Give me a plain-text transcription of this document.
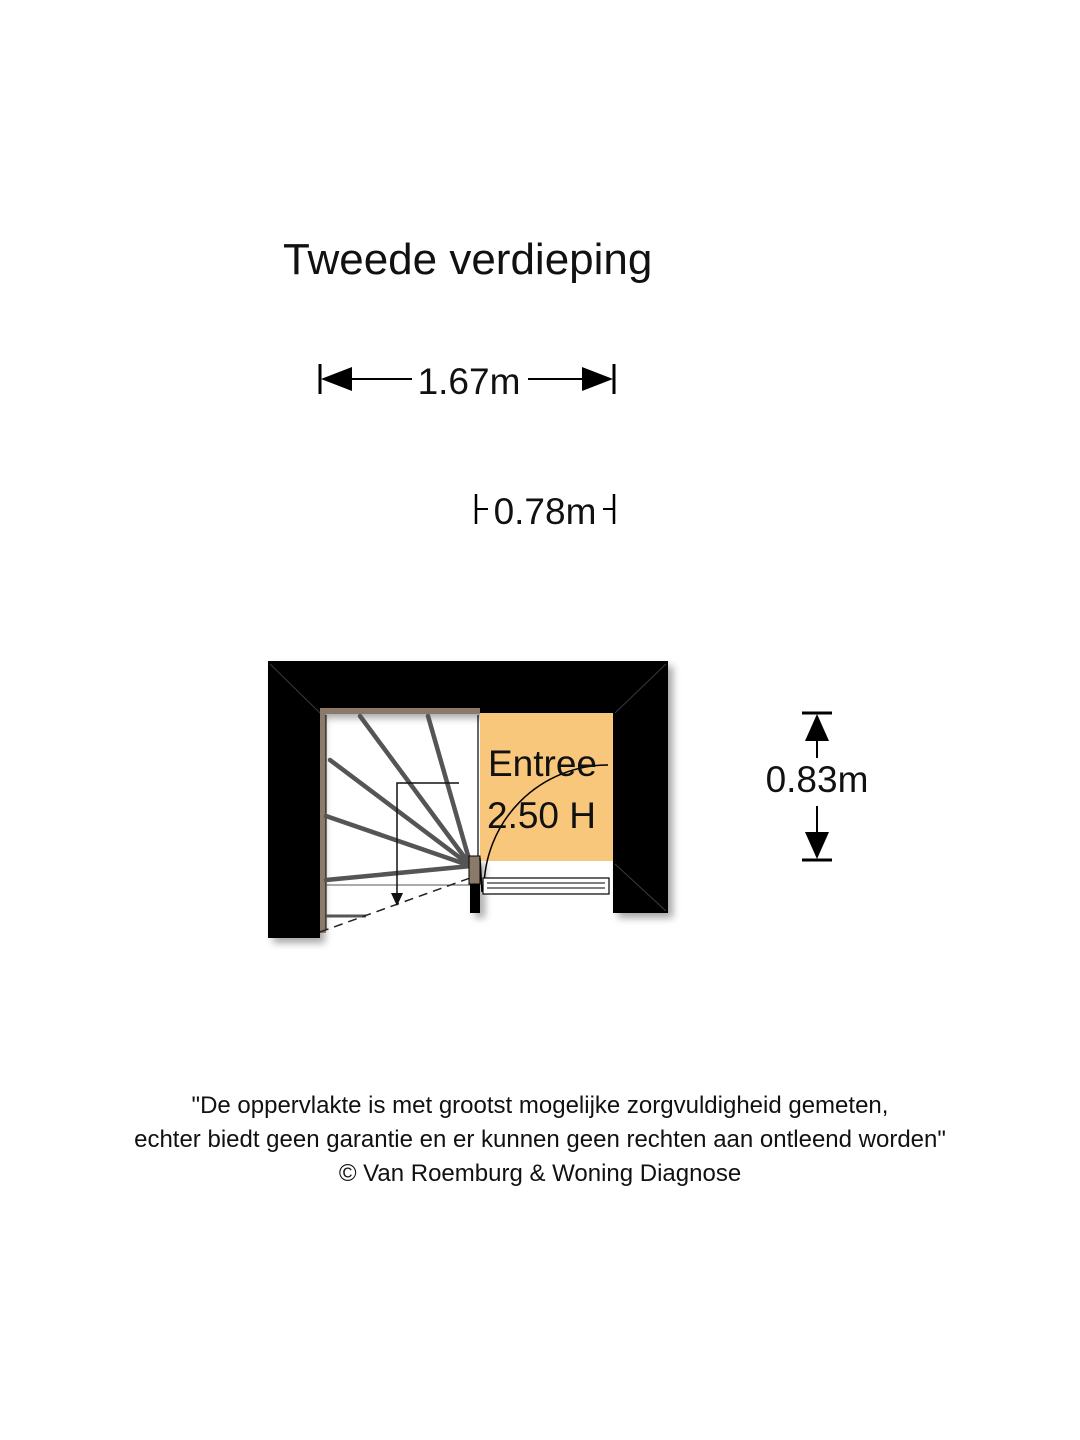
Tweede verdieping
1.67m
0.78m
0.83m
Entree
2.50 H
"De oppervlakte is met grootst mogelijke zorgvuldigheid gemeten,
echter biedt geen garantie en er kunnen geen rechten aan ontleend worden"
© Van Roemburg & Woning Diagnose
